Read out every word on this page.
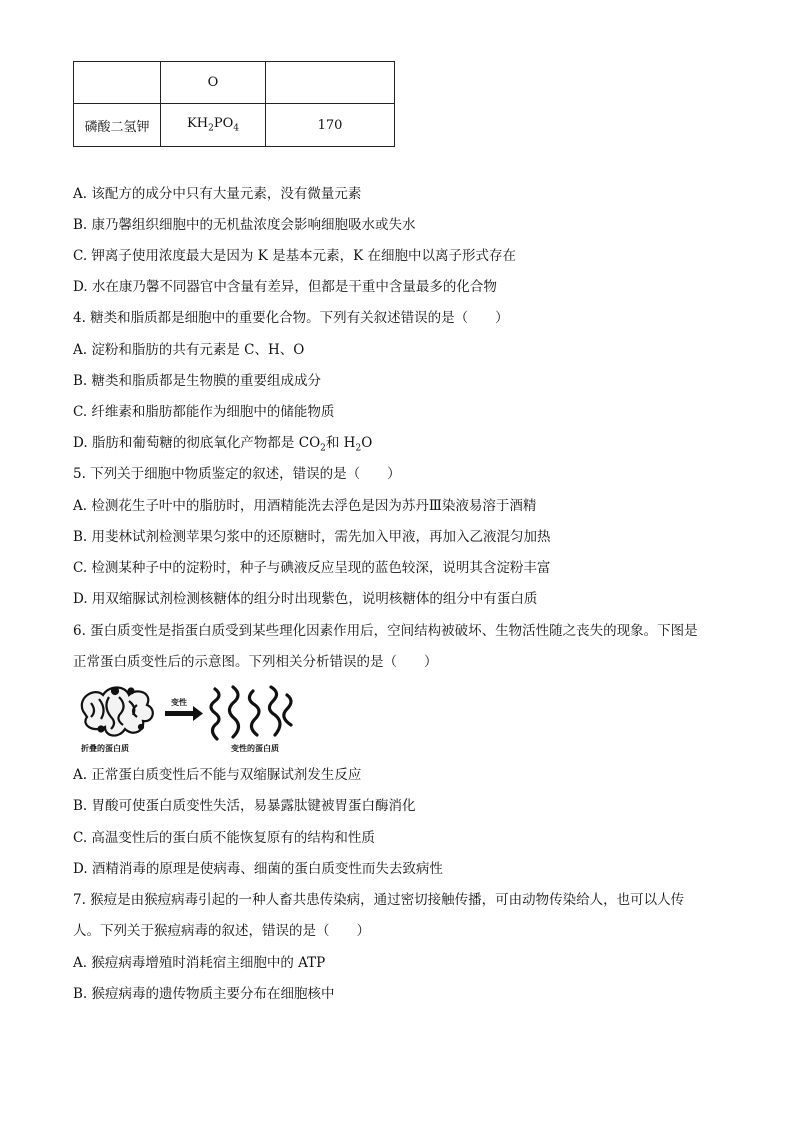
	O	
磷酸二氢钾	$KH_2PO_4$	170
A. 该配方的成分中只有大量元素，没有微量元素
B. 康乃馨组织细胞中的无机盐浓度会影响细胞吸水或失水
C. 钾离子使用浓度最大是因为 K 是基本元素，K 在细胞中以离子形式存在
D. 水在康乃馨不同器官中含量有差异，但都是干重中含量最多的化合物
4. 糖类和脂质都是细胞中的重要化合物。下列有关叙述错误的是（　　）
A. 淀粉和脂肪的共有元素是 C、H、O
B. 糖类和脂质都是生物膜的重要组成成分
C. 纤维素和脂肪都能作为细胞中的储能物质
D. 脂肪和葡萄糖的彻底氧化产物都是 $CO_2$和 $H_2O$
5. 下列关于细胞中物质鉴定的叙述，错误的是（　　）
A. 检测花生子叶中的脂肪时，用酒精能洗去浮色是因为苏丹Ⅲ染液易溶于酒精
B. 用斐林试剂检测苹果匀浆中的还原糖时，需先加入甲液，再加入乙液混匀加热
C. 检测某种子中的淀粉时，种子与碘液反应呈现的蓝色较深，说明其含淀粉丰富
D. 用双缩脲试剂检测核糖体的组分时出现紫色，说明核糖体的组分中有蛋白质
6. 蛋白质变性是指蛋白质受到某些理化因素作用后，空间结构被破坏、生物活性随之丧失的现象。下图是
正常蛋白质变性后的示意图。下列相关分析错误的是（　　）
变性
折叠的蛋白质	变性的蛋白质
A. 正常蛋白质变性后不能与双缩脲试剂发生反应
B. 胃酸可使蛋白质变性失活，易暴露肽键被胃蛋白酶消化
C. 高温变性后的蛋白质不能恢复原有的结构和性质
D. 酒精消毒的原理是使病毒、细菌的蛋白质变性而失去致病性
7. 猴痘是由猴痘病毒引起的一种人畜共患传染病，通过密切接触传播，可由动物传染给人，也可以人传
人。下列关于猴痘病毒的叙述，错误的是（　　）
A. 猴痘病毒增殖时消耗宿主细胞中的 ATP
B. 猴痘病毒的遗传物质主要分布在细胞核中
